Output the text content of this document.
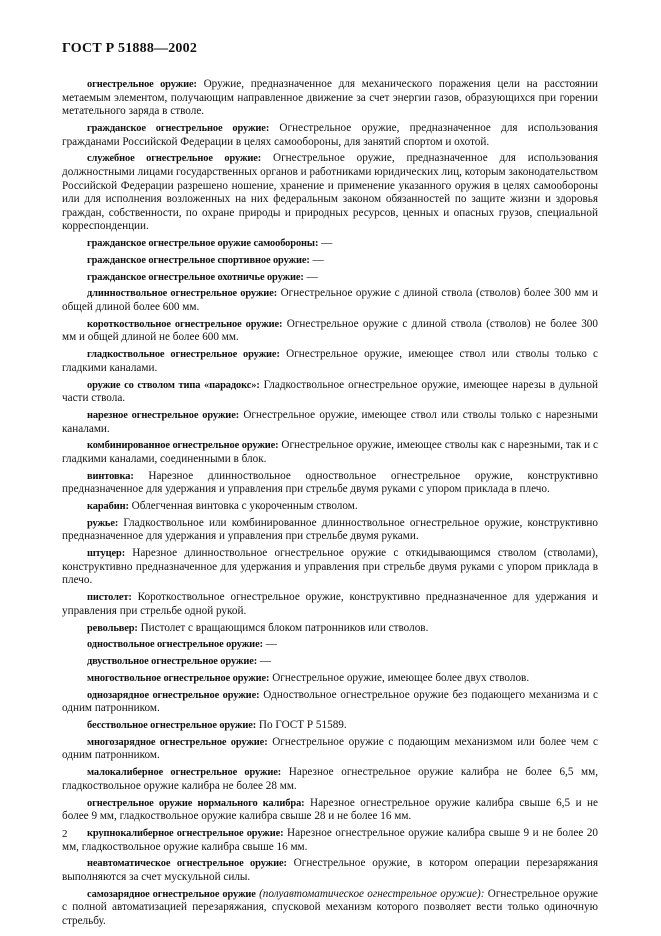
ГОСТ Р 51888—2002

огнестрельное оружие: Оружие, предназначенное для механического поражения цели на расстоянии метаемым элементом, получающим направленное движение за счет энергии газов, образующихся при горении метательного заряда в стволе.

гражданское огнестрельное оружие: Огнестрельное оружие, предназначенное для использования гражданами Российской Федерации в целях самообороны, для занятий спортом и охотой.

служебное огнестрельное оружие: Огнестрельное оружие, предназначенное для использования должностными лицами государственных органов и работниками юридических лиц, которым законодательством Российской Федерации разрешено ношение, хранение и применение указанного оружия в целях самообороны или для исполнения возложенных на них федеральным законом обязанностей по защите жизни и здоровья граждан, собственности, по охране природы и природных ресурсов, ценных и опасных грузов, специальной корреспонденции.

гражданское огнестрельное оружие самообороны: —

гражданское огнестрельное спортивное оружие: —

гражданское огнестрельное охотничье оружие: —

длинноствольное огнестрельное оружие: Огнестрельное оружие с длиной ствола (стволов) более 300 мм и общей длиной более 600 мм.

короткоствольное огнестрельное оружие: Огнестрельное оружие с длиной ствола (стволов) не более 300 мм и общей длиной не более 600 мм.

гладкоствольное огнестрельное оружие: Огнестрельное оружие, имеющее ствол или стволы только с гладкими каналами.

оружие со стволом типа «парадокс»: Гладкоствольное огнестрельное оружие, имеющее нарезы в дульной части ствола.

нарезное огнестрельное оружие: Огнестрельное оружие, имеющее ствол или стволы только с нарезными каналами.

комбинированное огнестрельное оружие: Огнестрельное оружие, имеющее стволы как с нарезными, так и с гладкими каналами, соединенными в блок.

винтовка: Нарезное длинноствольное одноствольное огнестрельное оружие, конструктивно предназначенное для удержания и управления при стрельбе двумя руками с упором приклада в плечо.

карабин: Облегченная винтовка с укороченным стволом.

ружье: Гладкоствольное или комбинированное длинноствольное огнестрельное оружие, конструктивно предназначенное для удержания и управления при стрельбе двумя руками.

штуцер: Нарезное длинноствольное огнестрельное оружие с откидывающимся стволом (стволами), конструктивно предназначенное для удержания и управления при стрельбе двумя руками с упором приклада в плечо.

пистолет: Короткоствольное огнестрельное оружие, конструктивно предназначенное для удержания и управления при стрельбе одной рукой.

револьвер: Пистолет с вращающимся блоком патронников или стволов.

одноствольное огнестрельное оружие: —

двуствольное огнестрельное оружие: —

многоствольное огнестрельное оружие: Огнестрельное оружие, имеющее более двух стволов.

однозарядное огнестрельное оружие: Одноствольное огнестрельное оружие без подающего механизма и с одним патронником.

бесствольное огнестрельное оружие: По ГОСТ Р 51589.

многозарядное огнестрельное оружие: Огнестрельное оружие с подающим механизмом или более чем с одним патронником.

малокалиберное огнестрельное оружие: Нарезное огнестрельное оружие калибра не более 6,5 мм, гладкоствольное оружие калибра не более 28 мм.

огнестрельное оружие нормального калибра: Нарезное огнестрельное оружие калибра свыше 6,5 и не более 9 мм, гладкоствольное оружие калибра свыше 28 и не более 16 мм.

крупнокалиберное огнестрельное оружие: Нарезное огнестрельное оружие калибра свыше 9 и не более 20 мм, гладкоствольное оружие калибра свыше 16 мм.

неавтоматическое огнестрельное оружие: Огнестрельное оружие, в котором операции перезаряжания выполняются за счет мускульной силы.

самозарядное огнестрельное оружие (полуавтоматическое огнестрельное оружие): Огнестрельное оружие с полной автоматизацией перезаряжания, спусковой механизм которого позволяет вести только одиночную стрельбу.

2
